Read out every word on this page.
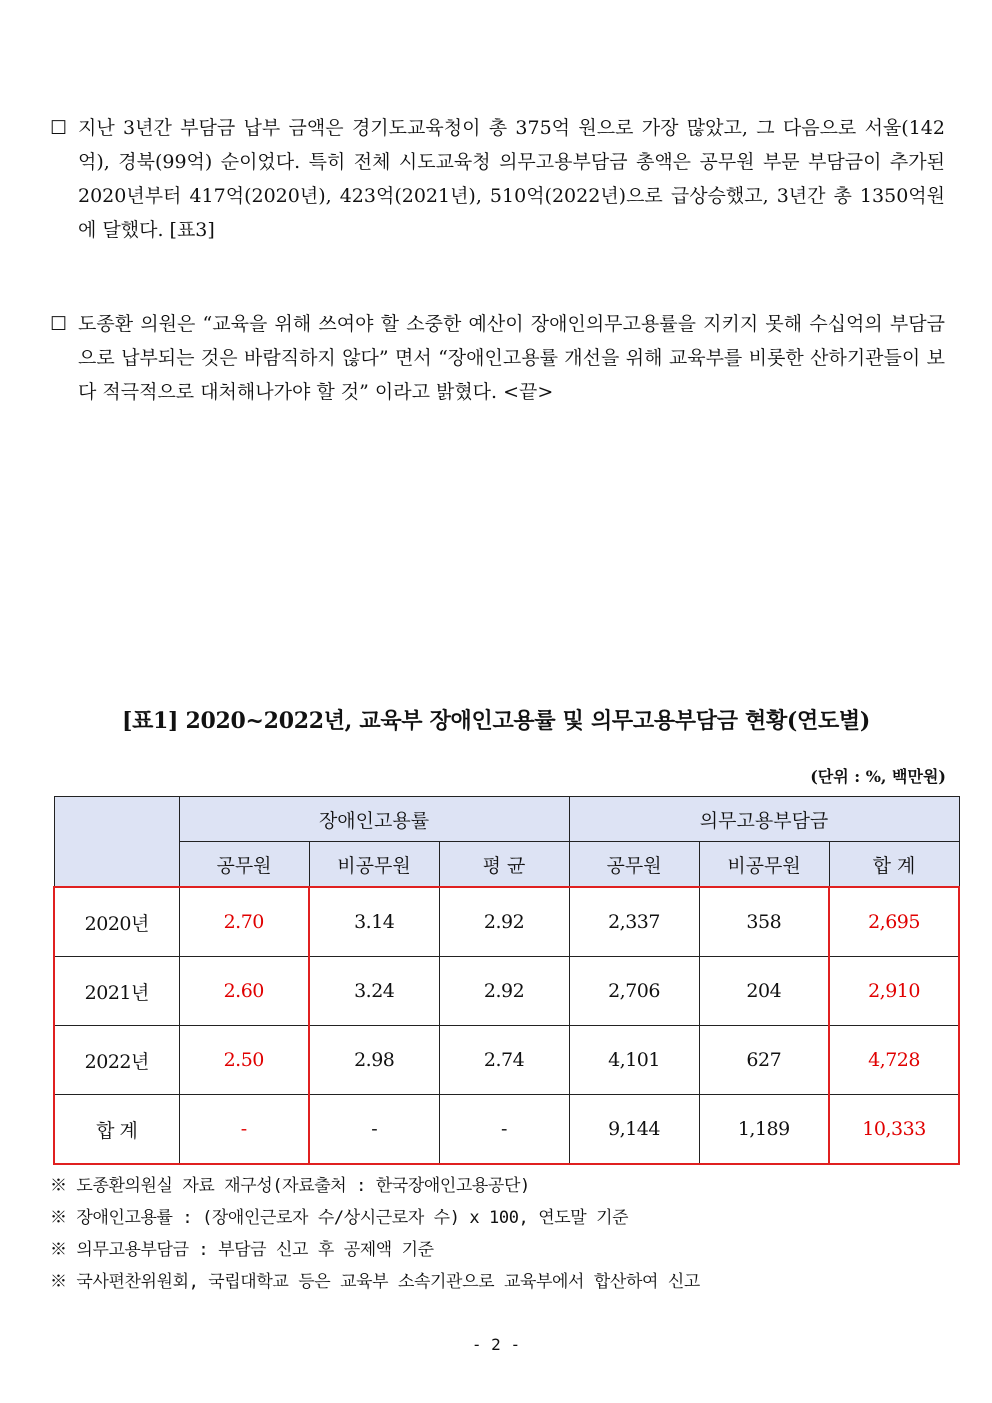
☐ 지난 3년간 부담금 납부 금액은 경기도교육청이 총 375억 원으로 가장 많았고, 그 다음으로 서울(142억), 경북(99억) 순이었다. 특히 전체 시도교육청 의무고용부담금 총액은 공무원 부문 부담금이 추가된 2020년부터 417억(2020년), 423억(2021년), 510억(2022년)으로 급상승했고, 3년간 총 1350억원에 달했다. [표3]
☐ 도종환 의원은 “교육을 위해 쓰여야 할 소중한 예산이 장애인의무고용률을 지키지 못해 수십억의 부담금으로 납부되는 것은 바람직하지 않다” 면서 “장애인고용률 개선을 위해 교육부를 비롯한 산하기관들이 보다 적극적으로 대처해나가야 할 것” 이라고 밝혔다. <끝>
[표1] 2020~2022년, 교육부 장애인고용률 및 의무고용부담금 현황(연도별)
(단위 : %, 백만원)
	장애인고용률			의무고용부담금		
	공무원	비공무원	평 균	공무원	비공무원	합 계
2020년	2.70	3.14	2.92	2,337	358	2,695
2021년	2.60	3.24	2.92	2,706	204	2,910
2022년	2.50	2.98	2.74	4,101	627	4,728
합 계	-	-	-	9,144	1,189	10,333
※ 도종환의원실 자료 재구성(자료출처 : 한국장애인고용공단)
※ 장애인고용률 : (장애인근로자 수/상시근로자 수) x 100, 연도말 기준
※ 의무고용부담금 : 부담금 신고 후 공제액 기준
※ 국사편찬위원회, 국립대학교 등은 교육부 소속기관으로 교육부에서 합산하여 신고
- 2 -
